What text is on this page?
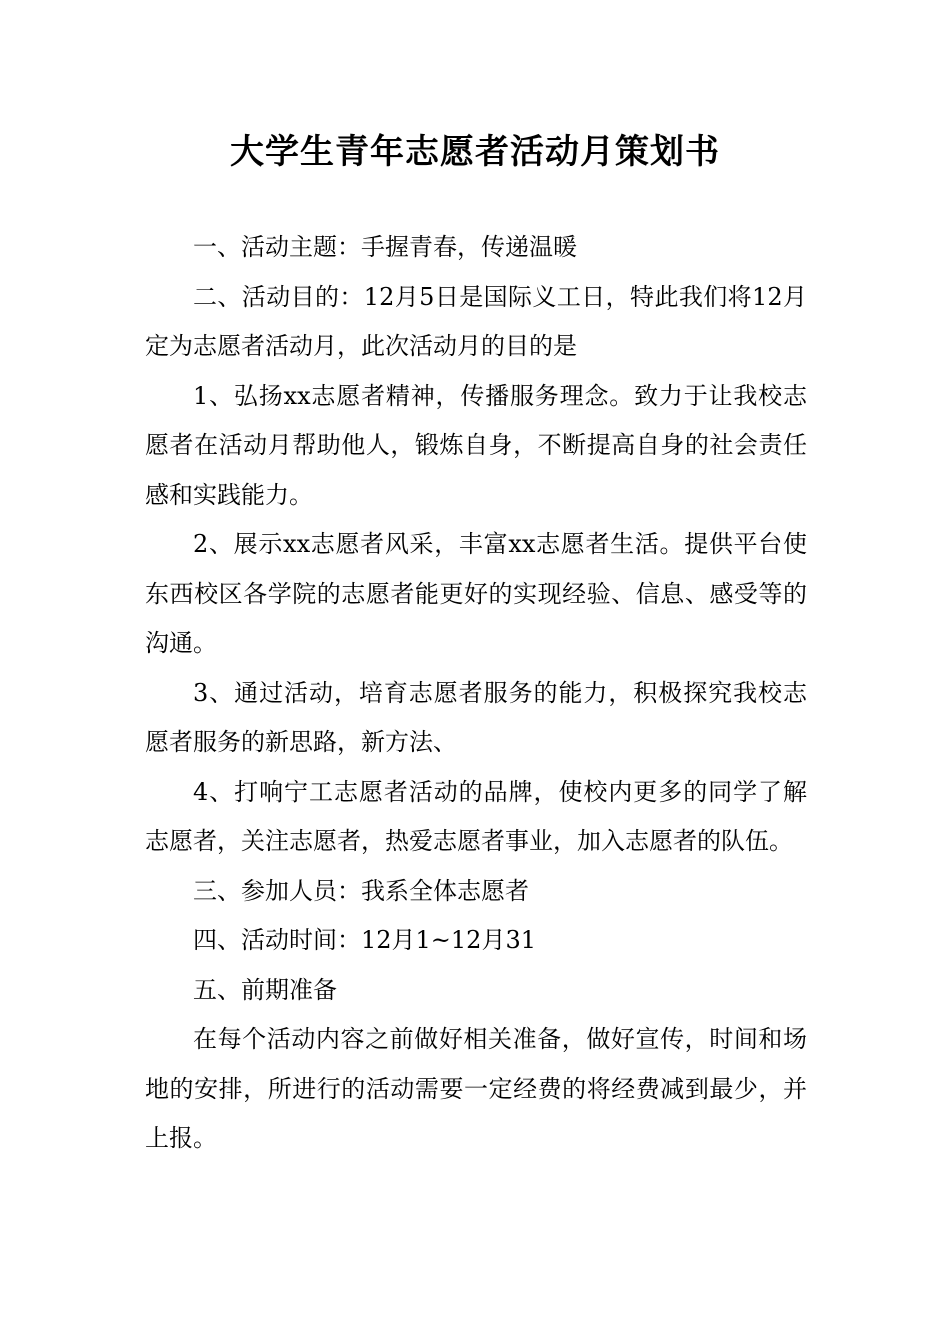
大学生青年志愿者活动月策划书

一、活动主题：手握青春，传递温暖

二、活动目的：12月5日是国际义工日，特此我们将12月定为志愿者活动月，此次活动月的目的是

1、弘扬xx志愿者精神，传播服务理念。致力于让我校志愿者在活动月帮助他人，锻炼自身，不断提高自身的社会责任感和实践能力。

2、展示xx志愿者风采，丰富xx志愿者生活。提供平台使东西校区各学院的志愿者能更好的实现经验、信息、感受等的沟通。

3、通过活动，培育志愿者服务的能力，积极探究我校志愿者服务的新思路，新方法、

4、打响宁工志愿者活动的品牌，使校内更多的同学了解志愿者，关注志愿者，热爱志愿者事业，加入志愿者的队伍。

三、参加人员：我系全体志愿者

四、活动时间：12月1~12月31

五、前期准备

在每个活动内容之前做好相关准备，做好宣传，时间和场地的安排，所进行的活动需要一定经费的将经费减到最少，并上报。
